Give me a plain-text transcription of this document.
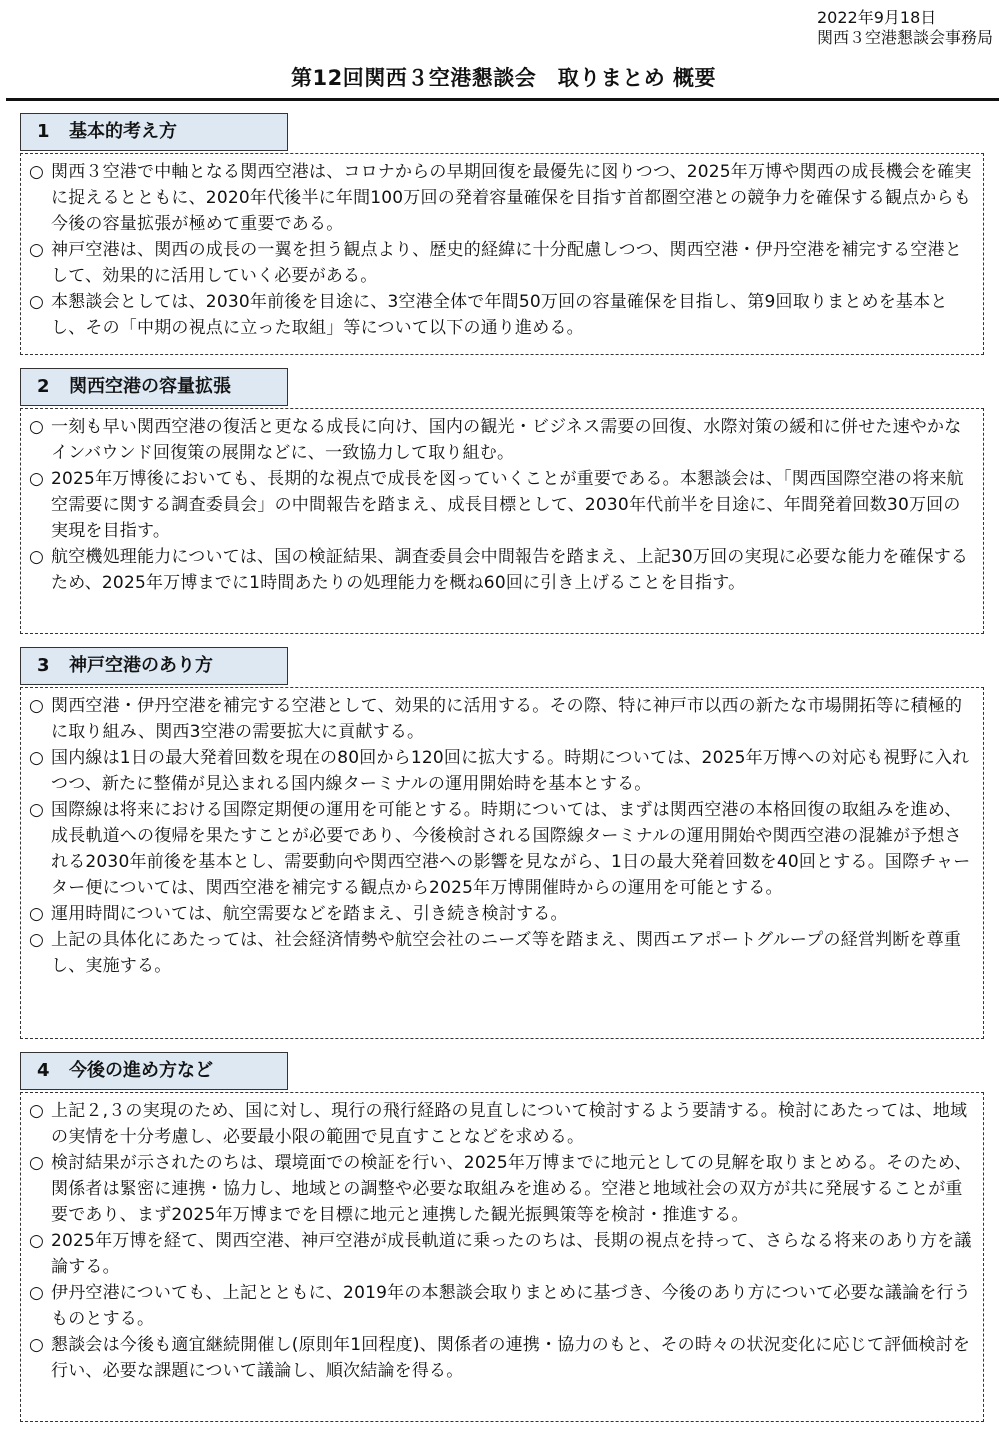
2022年9月18日
関西３空港懇談会事務局
第12回関西３空港懇談会　取りまとめ 概要
1 基本的考え方
○ 関西３空港で中軸となる関西空港は、コロナからの早期回復を最優先に図りつつ、2025年万博や関西の成長機会を確実に捉えるとともに、2020年代後半に年間100万回の発着容量確保を目指す首都圏空港との競争力を確保する観点からも今後の容量拡張が極めて重要である。
○ 神戸空港は、関西の成長の一翼を担う観点より、歴史的経緯に十分配慮しつつ、関西空港・伊丹空港を補完する空港として、効果的に活用していく必要がある。
○ 本懇談会としては、2030年前後を目途に、3空港全体で年間50万回の容量確保を目指し、第9回取りまとめを基本とし、その「中期の視点に立った取組」等について以下の通り進める。
2 関西空港の容量拡張
○ 一刻も早い関西空港の復活と更なる成長に向け、国内の観光・ビジネス需要の回復、水際対策の緩和に併せた速やかなインバウンド回復策の展開などに、一致協力して取り組む。
○ 2025年万博後においても、長期的な視点で成長を図っていくことが重要である。本懇談会は、「関西国際空港の将来航空需要に関する調査委員会」の中間報告を踏まえ、成長目標として、2030年代前半を目途に、年間発着回数30万回の実現を目指す。
○ 航空機処理能力については、国の検証結果、調査委員会中間報告を踏まえ、上記30万回の実現に必要な能力を確保するため、2025年万博までに1時間あたりの処理能力を概ね60回に引き上げることを目指す。
3 神戸空港のあり方
○ 関西空港・伊丹空港を補完する空港として、効果的に活用する。その際、特に神戸市以西の新たな市場開拓等に積極的に取り組み、関西3空港の需要拡大に貢献する。
○ 国内線は1日の最大発着回数を現在の80回から120回に拡大する。時期については、2025年万博への対応も視野に入れつつ、新たに整備が見込まれる国内線ターミナルの運用開始時を基本とする。
○ 国際線は将来における国際定期便の運用を可能とする。時期については、まずは関西空港の本格回復の取組みを進め、成長軌道への復帰を果たすことが必要であり、今後検討される国際線ターミナルの運用開始や関西空港の混雑が予想される2030年前後を基本とし、需要動向や関西空港への影響を見ながら、1日の最大発着回数を40回とする。国際チャーター便については、関西空港を補完する観点から2025年万博開催時からの運用を可能とする。
○ 運用時間については、航空需要などを踏まえ、引き続き検討する。
○ 上記の具体化にあたっては、社会経済情勢や航空会社のニーズ等を踏まえ、関西エアポートグループの経営判断を尊重し、実施する。
4 今後の進め方など
○ 上記２,３の実現のため、国に対し、現行の飛行経路の見直しについて検討するよう要請する。検討にあたっては、地域の実情を十分考慮し、必要最小限の範囲で見直すことなどを求める。
○ 検討結果が示されたのちは、環境面での検証を行い、2025年万博までに地元としての見解を取りまとめる。そのため、関係者は緊密に連携・協力し、地域との調整や必要な取組みを進める。空港と地域社会の双方が共に発展することが重要であり、まず2025年万博までを目標に地元と連携した観光振興策等を検討・推進する。
○ 2025年万博を経て、関西空港、神戸空港が成長軌道に乗ったのちは、長期の視点を持って、さらなる将来のあり方を議論する。
○ 伊丹空港についても、上記とともに、2019年の本懇談会取りまとめに基づき、今後のあり方について必要な議論を行うものとする。
○ 懇談会は今後も適宜継続開催し(原則年1回程度)、関係者の連携・協力のもと、その時々の状況変化に応じて評価検討を行い、必要な課題について議論し、順次結論を得る。
